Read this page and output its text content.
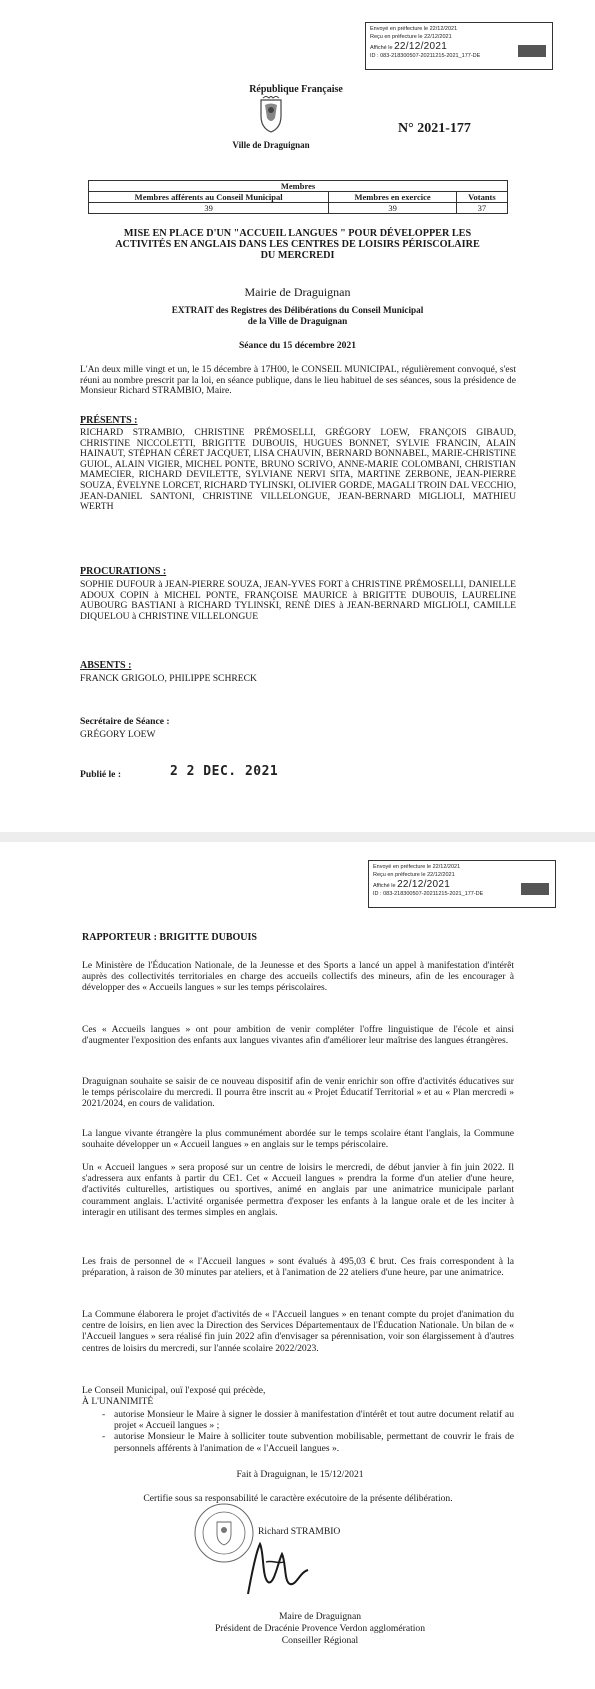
Envoyé en préfecture le 22/12/2021
Reçu en préfecture le 22/12/2021
Affiché le 22/12/2021
ID : 083-218300507-20211215-2021_177-DE

République Française
Ville de Draguignan
N° 2021-177
Membres		
Membres afférents au Conseil Municipal	Membres en exercice	Votants
39	39	37
MISE EN PLACE D'UN "ACCUEIL LANGUES " POUR DÉVELOPPER LES
ACTIVITÉS EN ANGLAIS DANS LES CENTRES DE LOISIRS PÉRISCOLAIRE
DU MERCREDI
Mairie de Draguignan
EXTRAIT des Registres des Délibérations du Conseil Municipal
de la Ville de Draguignan
Séance du 15 décembre 2021
L'An deux mille vingt et un, le 15 décembre à 17H00, le CONSEIL MUNICIPAL, régulièrement convoqué, s'est réuni au nombre prescrit par la loi, en séance publique, dans le lieu habituel de ses séances, sous la présidence de Monsieur Richard STRAMBIO, Maire.
PRÉSENTS :
RICHARD STRAMBIO, CHRISTINE PRÉMOSELLI, GRÉGORY LOEW, FRANÇOIS GIBAUD, CHRISTINE NICCOLETTI, BRIGITTE DUBOUIS, HUGUES BONNET, SYLVIE FRANCIN, ALAIN HAINAUT, STÉPHAN CÉRET JACQUET, LISA CHAUVIN, BERNARD BONNABEL, MARIE-CHRISTINE GUIOL, ALAIN VIGIER, MICHEL PONTE, BRUNO SCRIVO, ANNE-MARIE COLOMBANI, CHRISTIAN MAMECIER, RICHARD DEVILETTE, SYLVIANE NERVI SITA, MARTINE ZERBONE, JEAN-PIERRE SOUZA, ÉVELYNE LORCET, RICHARD TYLINSKI, OLIVIER GORDE, MAGALI TROIN DAL VECCHIO, JEAN-DANIEL SANTONI, CHRISTINE VILLELONGUE, JEAN-BERNARD MIGLIOLI, MATHIEU WERTH
PROCURATIONS :
SOPHIE DUFOUR à JEAN-PIERRE SOUZA, JEAN-YVES FORT à CHRISTINE PRÉMOSELLI, DANIELLE ADOUX COPIN à MICHEL PONTE, FRANÇOISE MAURICE à BRIGITTE DUBOUIS, LAURELINE AUBOURG BASTIANI à RICHARD TYLINSKI, RENÉ DIES à JEAN-BERNARD MIGLIOLI, CAMILLE DIQUELOU à CHRISTINE VILLELONGUE
ABSENTS :
FRANCK GRIGOLO, PHILIPPE SCHRECK
Secrétaire de Séance :
GRÉGORY LOEW
Publié le :	2 2 DEC. 2021
Envoyé en préfecture le 22/12/2021
Reçu en préfecture le 22/12/2021
Affiché le 22/12/2021
ID : 083-218300507-20211215-2021_177-DE

RAPPORTEUR : BRIGITTE DUBOUIS
Le Ministère de l'Éducation Nationale, de la Jeunesse et des Sports a lancé un appel à manifestation d'intérêt auprès des collectivités territoriales en charge des accueils collectifs des mineurs, afin de les encourager à développer des « Accueils langues » sur les temps périscolaires.
Ces « Accueils langues » ont pour ambition de venir compléter l'offre linguistique de l'école et ainsi d'augmenter l'exposition des enfants aux langues vivantes afin d'améliorer leur maîtrise des langues étrangères.
Draguignan souhaite se saisir de ce nouveau dispositif afin de venir enrichir son offre d'activités éducatives sur le temps périscolaire du mercredi. Il pourra être inscrit au « Projet Éducatif Territorial » et au « Plan mercredi » 2021/2024, en cours de validation.
La langue vivante étrangère la plus communément abordée sur le temps scolaire étant l'anglais, la Commune souhaite développer un « Accueil langues » en anglais sur le temps périscolaire.
Un « Accueil langues » sera proposé sur un centre de loisirs le mercredi, de début janvier à fin juin 2022. Il s'adressera aux enfants à partir du CE1. Cet « Accueil langues » prendra la forme d'un atelier d'une heure, d'activités culturelles, artistiques ou sportives, animé en anglais par une animatrice municipale parlant couramment anglais. L'activité organisée permettra d'exposer les enfants à la langue orale et de les inciter à interagir en utilisant des termes simples en anglais.
Les frais de personnel de « l'Accueil langues » sont évalués à 495,03 € brut. Ces frais correspondent à la préparation, à raison de 30 minutes par ateliers, et à l'animation de 22 ateliers d'une heure, par une animatrice.
La Commune élaborera le projet d'activités de « l'Accueil langues » en tenant compte du projet d'animation du centre de loisirs, en lien avec la Direction des Services Départementaux de l'Éducation Nationale. Un bilan de « l'Accueil langues » sera réalisé fin juin 2022 afin d'envisager sa pérennisation, voir son élargissement à d'autres centres de loisirs du mercredi, sur l'année scolaire 2022/2023.
Le Conseil Municipal, ouï l'exposé qui précède,
À L'UNANIMITÉ
- autorise Monsieur le Maire à signer le dossier à manifestation d'intérêt et tout autre document relatif au projet « Accueil langues » ;
- autorise Monsieur le Maire à solliciter toute subvention mobilisable, permettant de couvrir le frais de personnels afférents à l'animation de « l'Accueil langues ».
Fait à Draguignan, le 15/12/2021
Certifie sous sa responsabilité le caractère exécutoire de la présente délibération.
Richard STRAMBIO
Maire de Draguignan
Président de Dracénie Provence Verdon agglomération
Conseiller Régional
